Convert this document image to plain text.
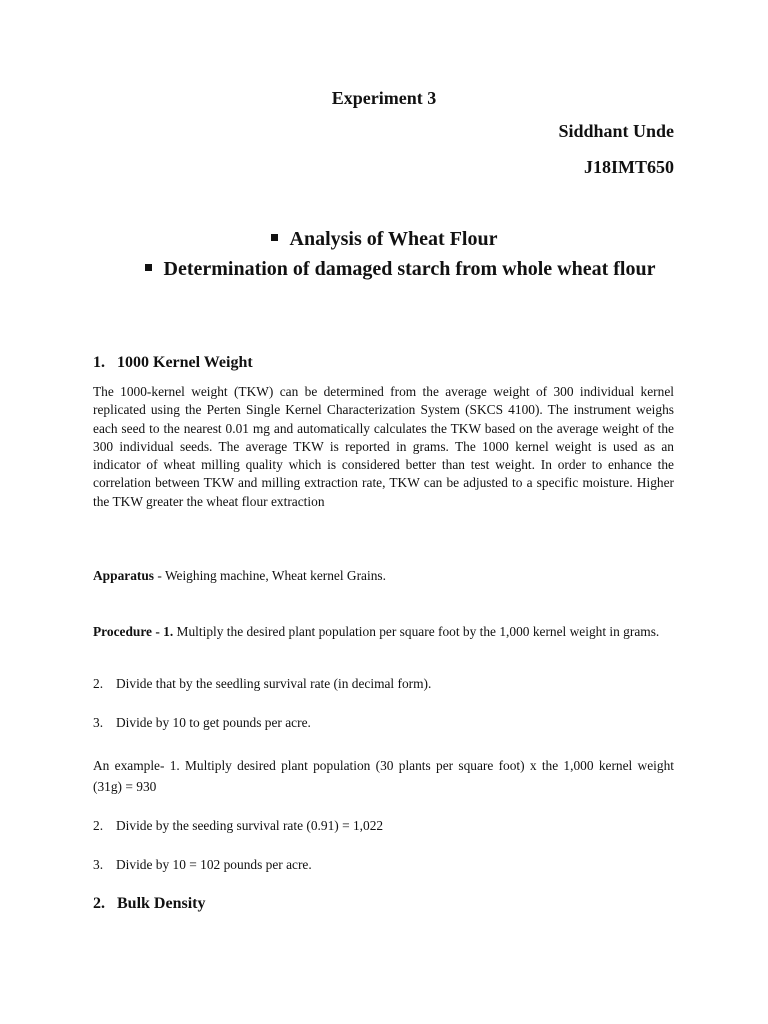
Experiment 3
Siddhant Unde
J18IMT650
Analysis of Wheat Flour
Determination of damaged starch from whole wheat flour
1. 1000 Kernel Weight
The 1000-kernel weight (TKW) can be determined from the average weight of 300 individual kernel replicated using the Perten Single Kernel Characterization System (SKCS 4100). The instrument weighs each seed to the nearest 0.01 mg and automatically calculates the TKW based on the average weight of the 300 individual seeds. The average TKW is reported in grams. The 1000 kernel weight is used as an indicator of wheat milling quality which is considered better than test weight. In order to enhance the correlation between TKW and milling extraction rate, TKW can be adjusted to a specific moisture. Higher the TKW greater the wheat flour extraction
Apparatus - Weighing machine, Wheat kernel Grains.
Procedure - 1. Multiply the desired plant population per square foot by the 1,000 kernel weight in grams.
2. Divide that by the seedling survival rate (in decimal form).
3. Divide by 10 to get pounds per acre.
An example- 1. Multiply desired plant population (30 plants per square foot) x the 1,000 kernel weight (31g) = 930
2. Divide by the seeding survival rate (0.91) = 1,022
3. Divide by 10 = 102 pounds per acre.
2. Bulk Density
